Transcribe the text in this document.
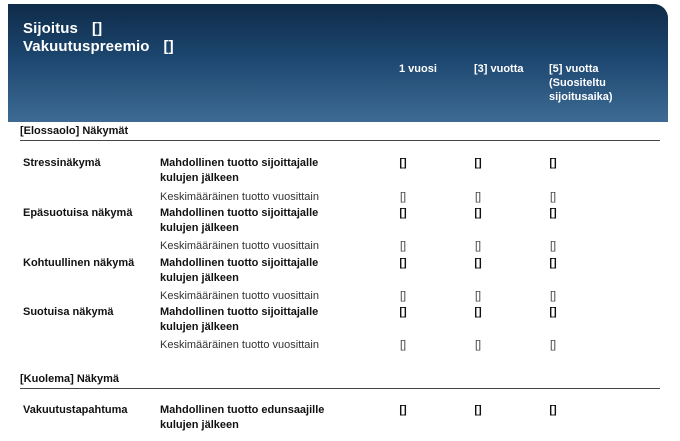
Sijoitus []
Vakuutuspreemio []
1 vuosi	[3] vuotta [5] vuotta
(Suositeltu
sijoitusaika)
[Elossaolo] Näkymät
Stressinäkymä	Mahdollinen tuotto sijoittajalle
kulujen jälkeen
[]	[]	[]
Keskimääräinen tuotto vuosittain	[]	[]	[]
Epäsuotuisa näkymä	Mahdollinen tuotto sijoittajalle
kulujen jälkeen
[]	[]	[]
Keskimääräinen tuotto vuosittain	[]	[]	[]
Kohtuullinen näkymä Mahdollinen tuotto sijoittajalle
kulujen jälkeen
[]	[]	[]
Keskimääräinen tuotto vuosittain	[]	[]	[]
Suotuisa näkymä	Mahdollinen tuotto sijoittajalle
kulujen jälkeen
[]	[]	[]
Keskimääräinen tuotto vuosittain	[]	[]	[]
[Kuolema] Näkymä
Vakuutustapahtuma	Mahdollinen tuotto edunsaajille
kulujen jälkeen
[]	[]	[]
